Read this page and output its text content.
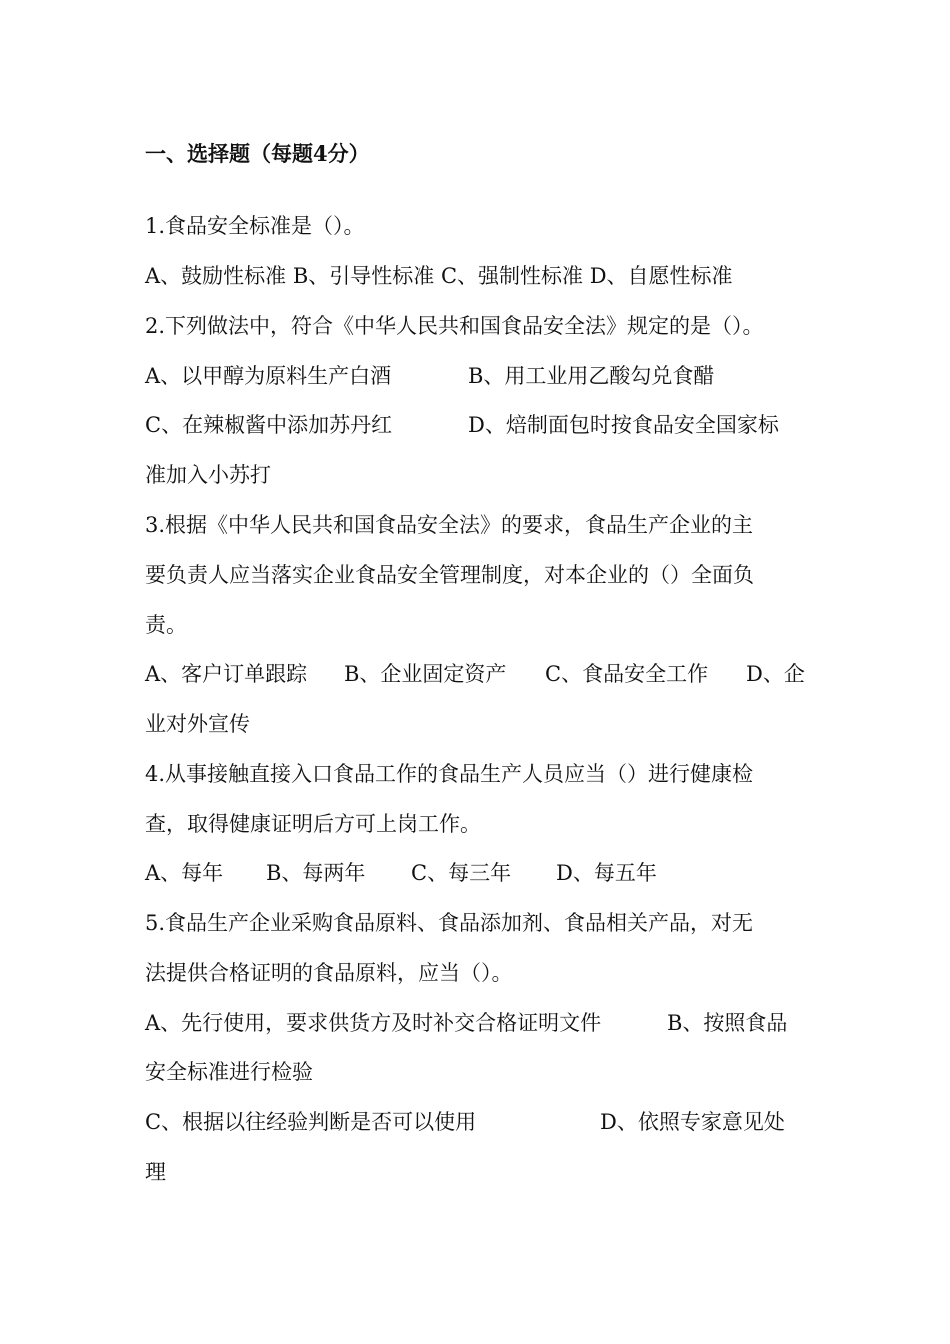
一、选择题（每题4分）
1.食品安全标准是（）。
A、鼓励性标准 B、引导性标准 C、强制性标准 D、自愿性标准
2.下列做法中，符合《中华人民共和国食品安全法》规定的是（）。
A、以甲醇为原料生产白酒	B、用工业用乙酸勾兑食醋
C、在辣椒酱中添加苏丹红	D、焙制面包时按食品安全国家标
准加入小苏打
3.根据《中华人民共和国食品安全法》的要求，食品生产企业的主
要负责人应当落实企业食品安全管理制度，对本企业的（）全面负
责。
A、客户订单跟踪 B、企业固定资产 C、食品安全工作 D、企
业对外宣传
4.从事接触直接入口食品工作的食品生产人员应当（）进行健康检
查，取得健康证明后方可上岗工作。
A、每年 B、每两年 C、每三年 D、每五年
5.食品生产企业采购食品原料、食品添加剂、食品相关产品，对无
法提供合格证明的食品原料，应当（）。
A、先行使用，要求供货方及时补交合格证明文件	B、按照食品
安全标准进行检验
C、根据以往经验判断是否可以使用	D、依照专家意见处
理
